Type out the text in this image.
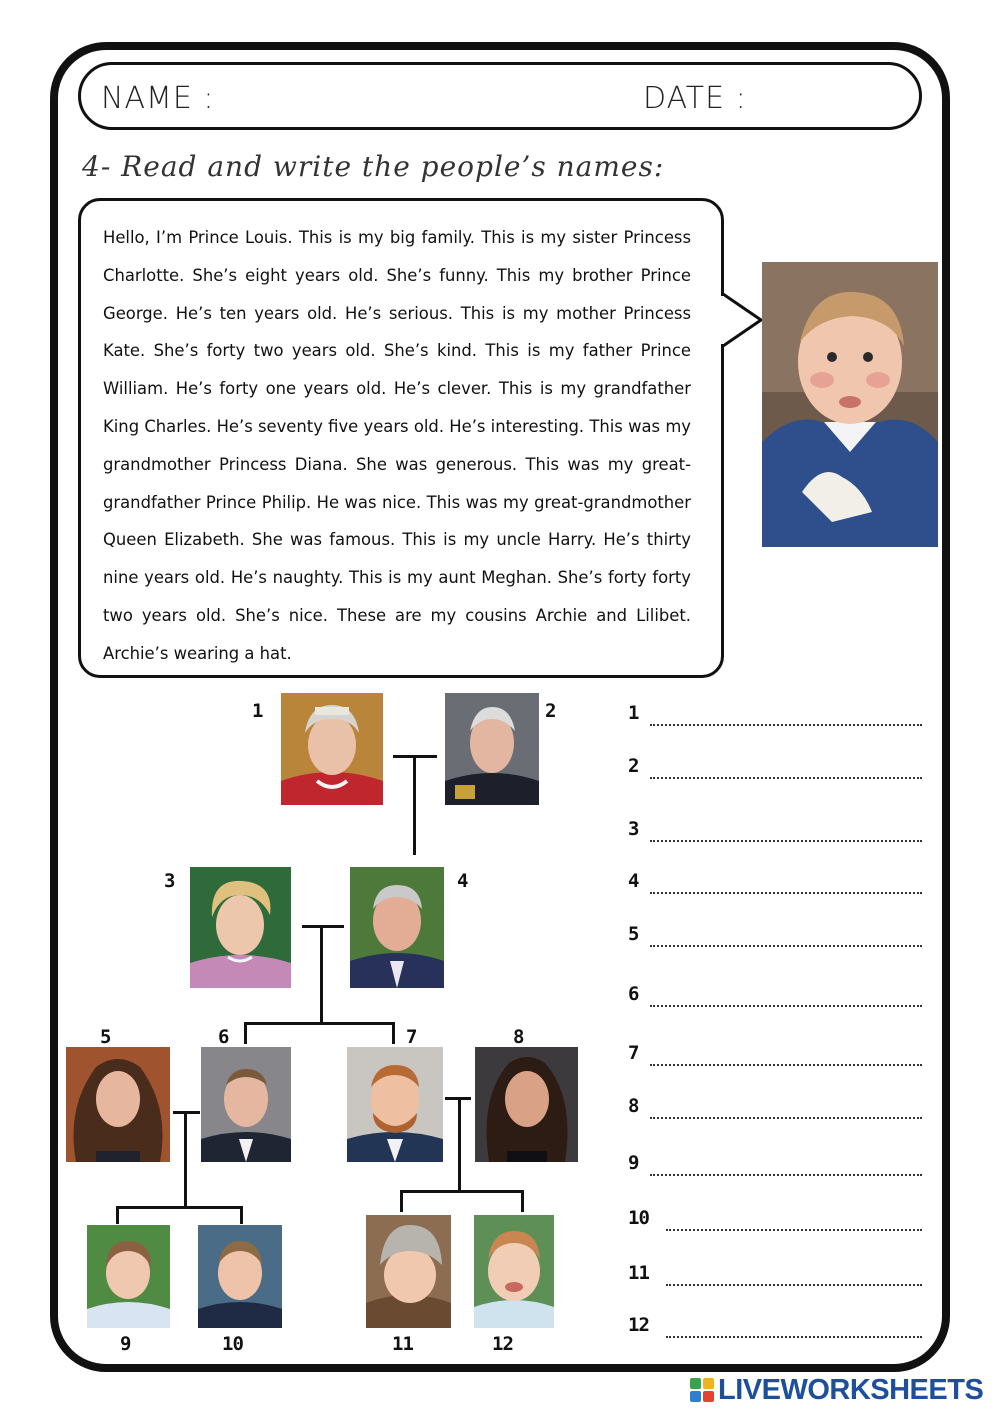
NAME :	DATE :
4- Read and write the people’s names:

Hello, I’m Prince Louis. This is my big family. This is my sister Princess Charlotte. She’s eight years old. She’s funny. This my brother Prince George. He’s ten years old. He’s serious. This is my mother Princess Kate. She’s forty two years old. She’s kind. This is my father Prince William. He’s forty one years old. He’s clever. This is my grandfather King Charles. He’s seventy five years old. He’s interesting. This was my grandmother Princess Diana. She was generous. This was my great-grandfather Prince Philip. He was nice. This was my great-grandmother Queen Elizabeth. She was famous. This is my uncle Harry. He’s thirty nine years old. He’s naughty. This is my aunt Meghan. She’s forty forty two years old. She’s nice. These are my cousins Archie and Lilibet. Archie’s wearing a hat.

1	2
3	4
5	6	7	8
9	10	11	12
1
2
3
4
5
6
7
8
9
10
11
12
LIVEWORKSHEETS
